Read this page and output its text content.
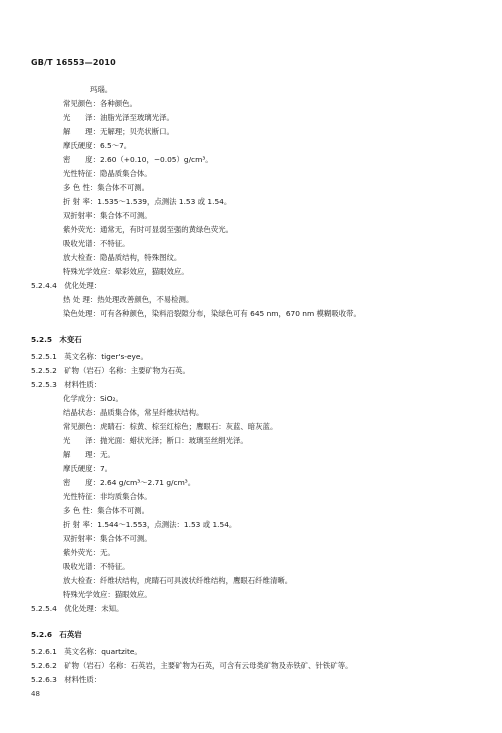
GB/T 16553—2010
玛瑙。
常见颜色：各种颜色。
光　　泽：油脂光泽至玻璃光泽。
解　　理：无解理；贝壳状断口。
摩氏硬度：6.5～7。
密　　度：2.60（+0.10，−0.05）g/cm³。
光性特征：隐晶质集合体。
多 色 性：集合体不可测。
折 射 率：1.535～1.539，点测法 1.53 或 1.54。
双折射率：集合体不可测。
紫外荧光：通常无，有时可显弱至强的黄绿色荧光。
吸收光谱：不特征。
放大检查：隐晶质结构，特殊图纹。
特殊光学效应：晕彩效应，猫眼效应。
5.2.4.4　优化处理：
热 处 理：热处理改善颜色，不易检测。
染色处理：可有各种颜色，染料沿裂隙分布，染绿色可有 645 nm，670 nm 模糊吸收带。
5.2.5　木变石
5.2.5.1　英文名称：tiger's-eye。
5.2.5.2　矿物（岩石）名称：主要矿物为石英。
5.2.5.3　材料性质：
化学成分：SiO₂。
结晶状态：晶质集合体，常呈纤维状结构。
常见颜色：虎睛石：棕黄、棕至红棕色；鹰眼石：灰蓝、暗灰蓝。
光　　泽：抛光面：蜡状光泽；断口：玻璃至丝绢光泽。
解　　理：无。
摩氏硬度：7。
密　　度：2.64 g/cm³～2.71 g/cm³。
光性特征：非均质集合体。
多 色 性：集合体不可测。
折 射 率：1.544～1.553，点测法：1.53 或 1.54。
双折射率：集合体不可测。
紫外荧光：无。
吸收光谱：不特征。
放大检查：纤维状结构，虎睛石可具波状纤维结构，鹰眼石纤维清晰。
特殊光学效应：猫眼效应。
5.2.5.4　优化处理：未知。
5.2.6　石英岩
5.2.6.1　英文名称：quartzite。
5.2.6.2　矿物（岩石）名称：石英岩，主要矿物为石英，可含有云母类矿物及赤铁矿、针铁矿等。
5.2.6.3　材料性质：
48
